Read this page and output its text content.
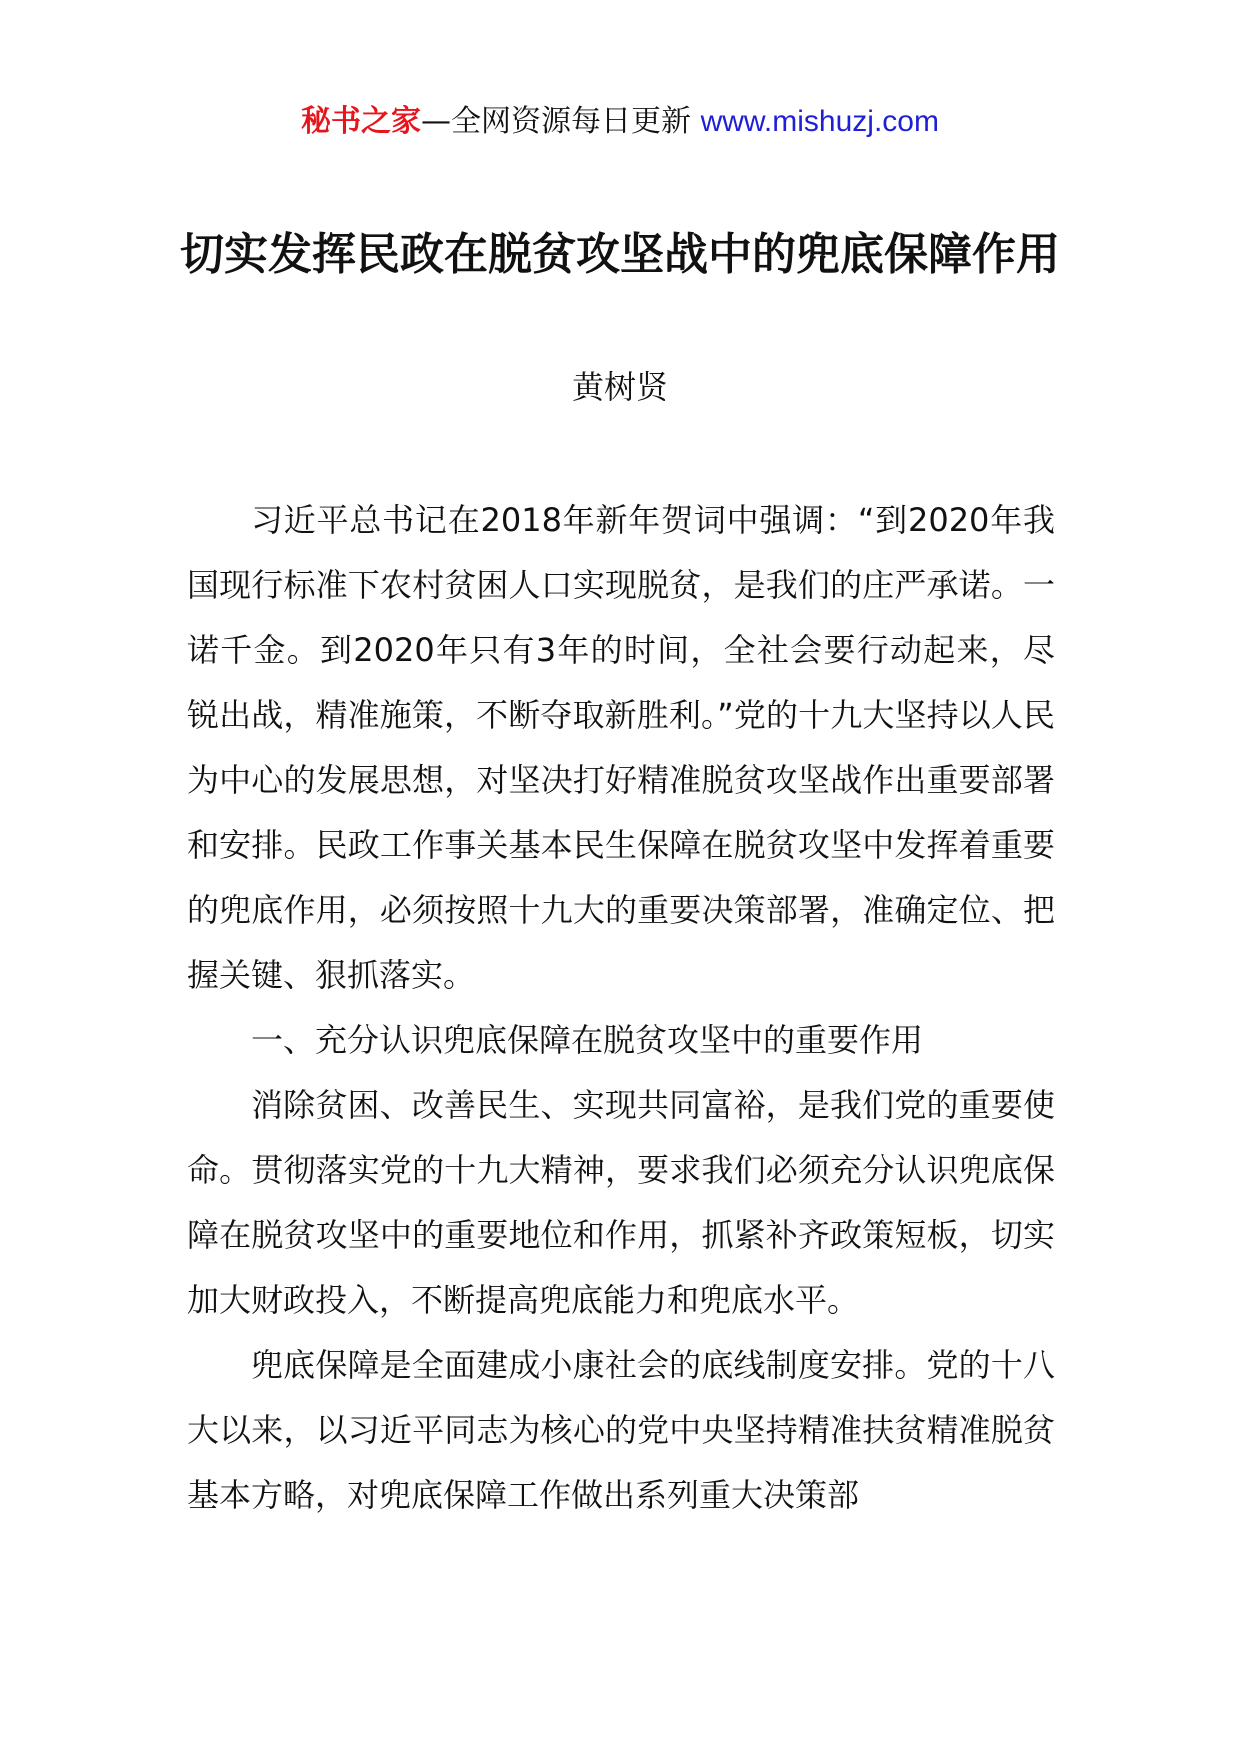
秘书之家—全网资源每日更新 www.mishuzj.com
切实发挥民政在脱贫攻坚战中的兜底保障作用
黄树贤

习近平总书记在2018年新年贺词中强调：“到2020年我国现行标准下农村贫困人口实现脱贫，是我们的庄严承诺。一诺千金。到2020年只有3年的时间，全社会要行动起来，尽锐出战，精准施策，不断夺取新胜利。”党的十九大坚持以人民为中心的发展思想，对坚决打好精准脱贫攻坚战作出重要部署和安排。民政工作事关基本民生保障在脱贫攻坚中发挥着重要的兜底作用，必须按照十九大的重要决策部署，准确定位、把握关键、狠抓落实。

一、充分认识兜底保障在脱贫攻坚中的重要作用

消除贫困、改善民生、实现共同富裕，是我们党的重要使命。贯彻落实党的十九大精神，要求我们必须充分认识兜底保障在脱贫攻坚中的重要地位和作用，抓紧补齐政策短板，切实加大财政投入，不断提高兜底能力和兜底水平。

兜底保障是全面建成小康社会的底线制度安排。党的十八大以来，以习近平同志为核心的党中央坚持精准扶贫精准脱贫基本方略，对兜底保障工作做出系列重大决策部
